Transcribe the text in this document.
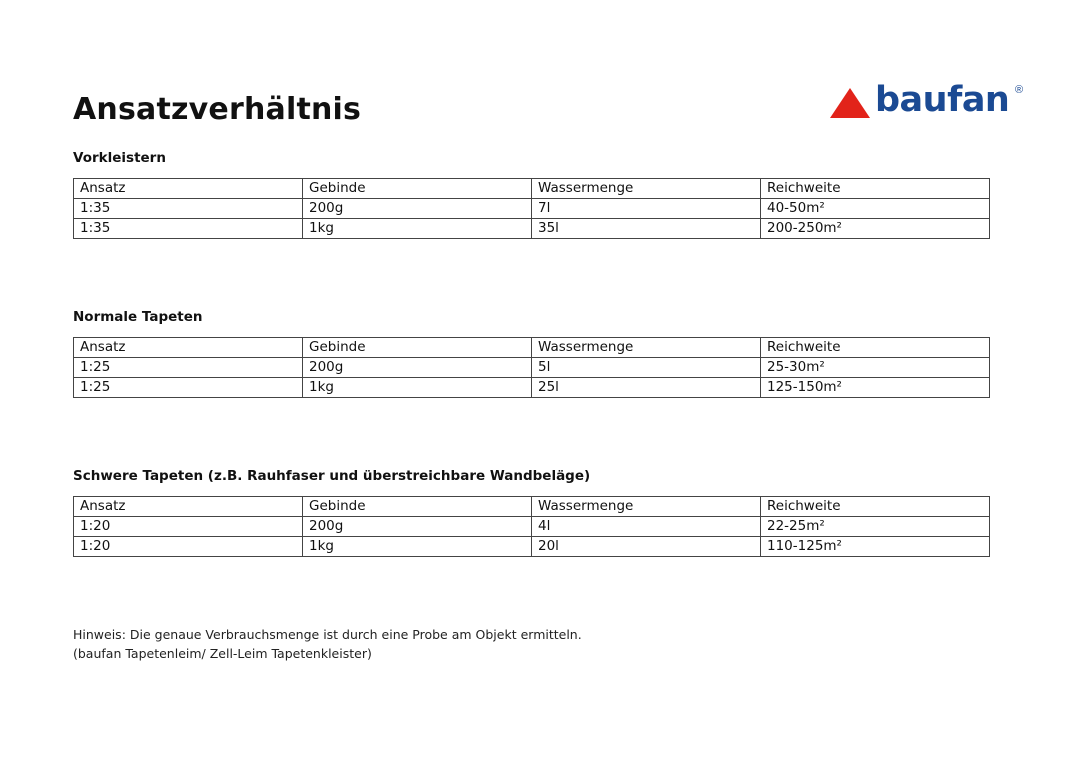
Ansatzverhältnis	baufan ®
Vorkleistern
Ansatz	Gebinde	Wassermenge	Reichweite
1:35	200g	7l	40-50m²
1:35	1kg	35l	200-250m²
Normale Tapeten
Ansatz	Gebinde	Wassermenge	Reichweite
1:25	200g	5l	25-30m²
1:25	1kg	25l	125-150m²
Schwere Tapeten (z.B. Rauhfaser und überstreichbare Wandbeläge)
Ansatz	Gebinde	Wassermenge	Reichweite
1:20	200g	4l	22-25m²
1:20	1kg	20l	110-125m²
Hinweis: Die genaue Verbrauchsmenge ist durch eine Probe am Objekt ermitteln.
(baufan Tapetenleim/ Zell-Leim Tapetenkleister)
